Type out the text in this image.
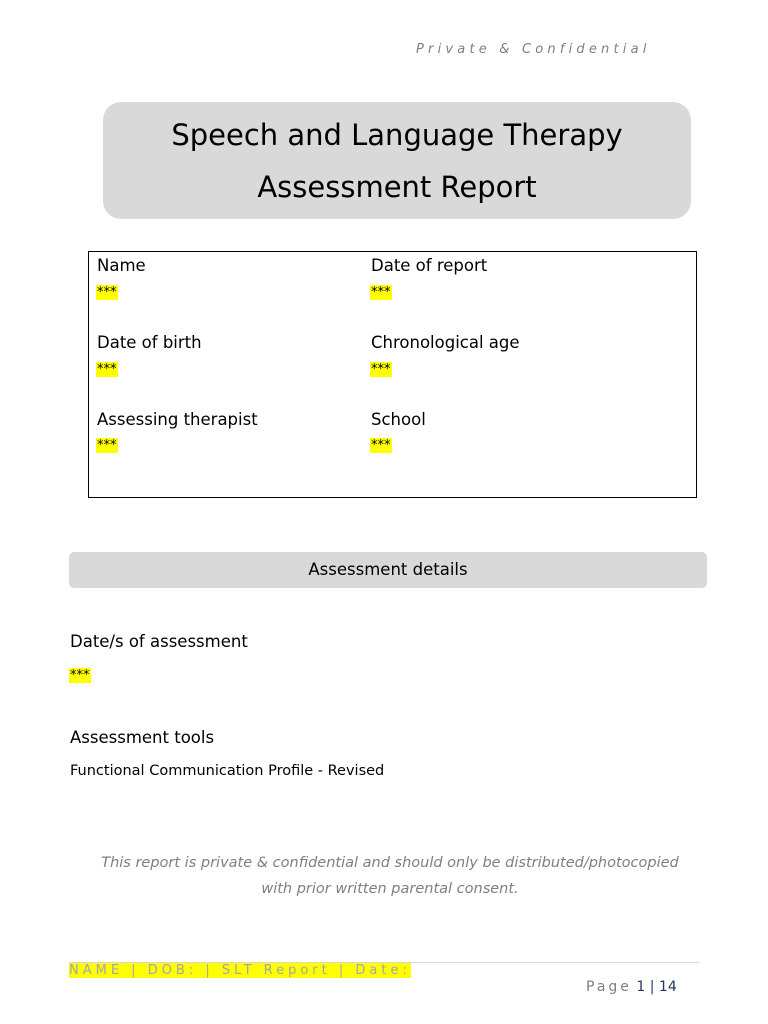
Private & Confidential
Speech and Language Therapy
Assessment Report
Name
***
Date of report
***
Date of birth
***
Chronological age
***
Assessing therapist
***
School
***
Assessment details
Date/s of assessment
***
Assessment tools
Functional Communication Profile - Revised
This report is private & confidential and should only be distributed/photocopied
with prior written parental consent.
NAME | DOB: | SLT Report | Date:
Page 1 | 14
